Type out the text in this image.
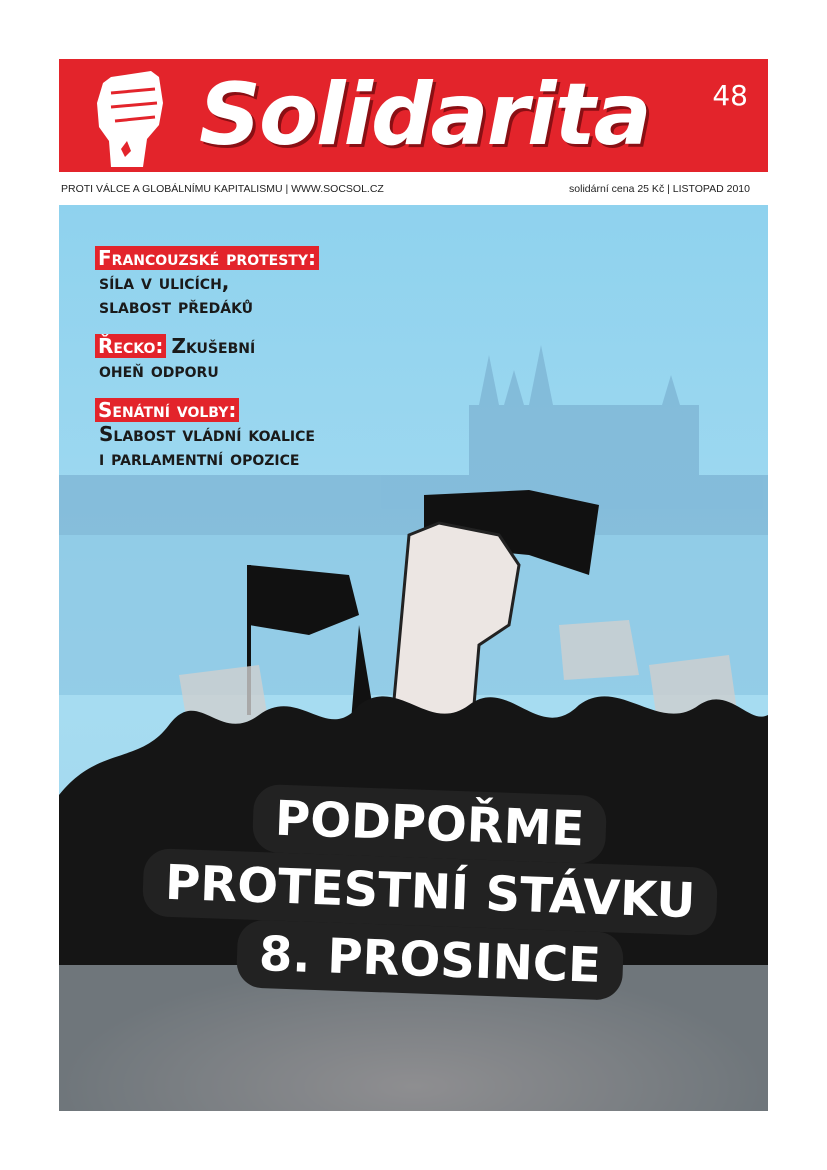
Solidarita 48
PROTI VÁLCE A GLOBÁLNÍMU KAPITALISMU | WWW.SOCSOL.CZ	solidární cena 25 Kč | LISTOPAD 2010
Francouzské protesty:
síla v ulicích,
slabost předáků
Řecko: Zkušební
oheň odporu
Senátní volby:
Slabost vládní koalice
i parlamentní opozice
PODPOŘME
PROTESTNÍ STÁVKU
8. PROSINCE
